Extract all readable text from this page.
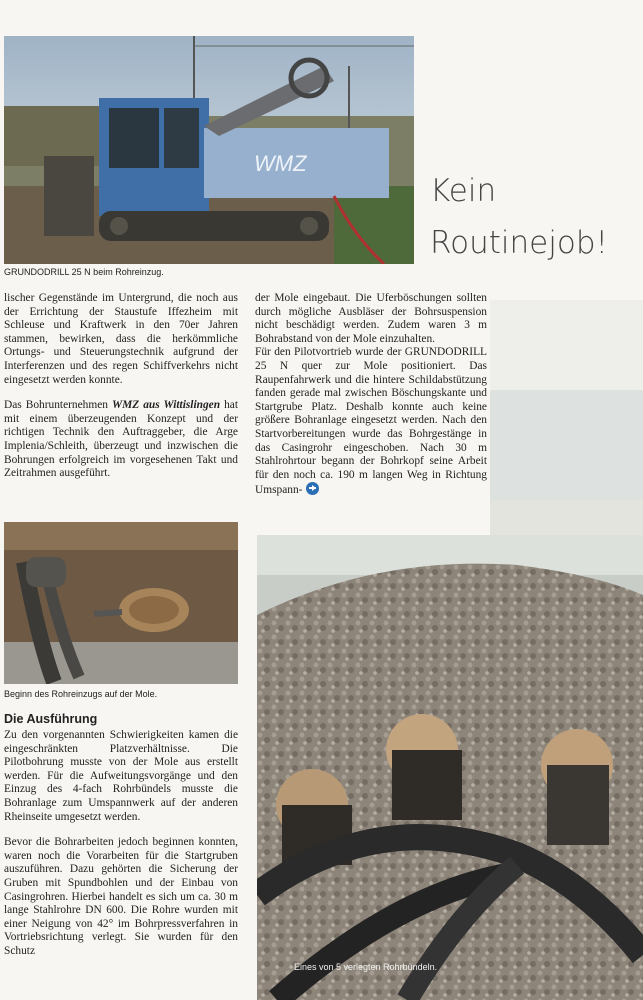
WMZ
GRUNDODRILL 25 N beim Rohreinzug.
Kein
Routinejob!

lischer Gegenstände im Untergrund, die noch aus der Errichtung der Staustufe Iffezheim mit Schleuse und Kraftwerk in den 70er Jahren stammen, bewirken, dass die herkömmliche Ortungs- und Steuerungstechnik aufgrund der Interferenzen und des regen Schiffverkehrs nicht eingesetzt werden konnte.

Das Bohrunternehmen WMZ aus Wittislingen hat mit einem überzeugenden Konzept und der richtigen Technik den Auftraggeber, die Arge Implenia/Schleith, überzeugt und inzwischen die Bohrungen erfolgreich im vorgesehenen Takt und Zeitrahmen ausgeführt.

Beginn des Rohreinzugs auf der Mole.
Die Ausführung

Zu den vorgenannten Schwierigkeiten kamen die eingeschränkten Platzverhältnisse. Die Pilotbohrung musste von der Mole aus erstellt werden. Für die Aufweitungsvorgänge und den Einzug des 4-fach Rohrbündels musste die Bohranlage zum Umspannwerk auf der anderen Rheinseite umgesetzt werden.

Bevor die Bohrarbeiten jedoch beginnen konnten, waren noch die Vorarbeiten für die Startgruben auszuführen. Dazu gehörten die Sicherung der Gruben mit Spundbohlen und der Einbau von Casingrohren. Hierbei handelt es sich um ca. 30 m lange Stahlrohre DN 600. Die Rohre wurden mit einer Neigung von 42° im Bohrpressverfahren in Vortriebsrichtung verlegt. Sie wurden für den Schutz

der Mole eingebaut. Die Uferböschungen sollten durch mögliche Ausbläser der Bohrsuspension nicht beschädigt werden. Zudem waren 3 m Bohrabstand von der Mole einzuhalten.

Für den Pilotvortrieb wurde der GRUNDODRILL 25 N quer zur Mole positioniert. Das Raupenfahrwerk und die hintere Schildabstützung fanden gerade mal zwischen Böschungskante und Startgrube Platz. Deshalb konnte auch keine größere Bohranlage eingesetzt werden. Nach den Startvorbereitungen wurde das Bohrgestänge in das Casingrohr eingeschoben. Nach 30 m Stahlrohrtour begann der Bohrkopf seine Arbeit für den noch ca. 190 m langen Weg in Richtung Umspann-

Eines von 5 verlegten Rohrbündeln.
